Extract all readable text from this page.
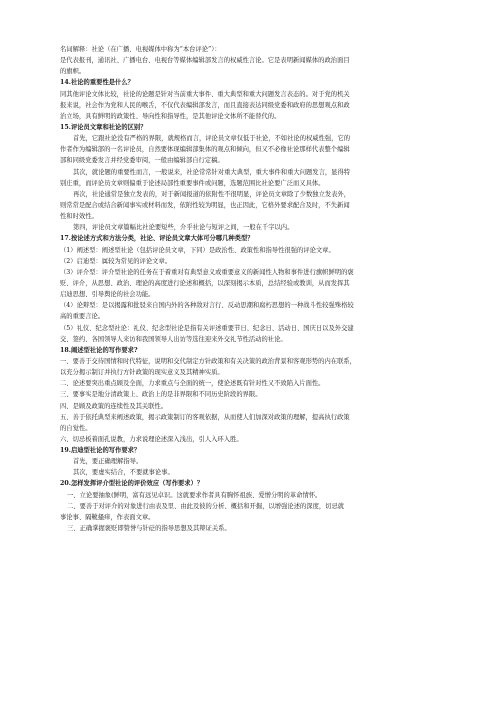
名词解释：社论（在广播、电视媒体中称为“本台评论”）：
是代表报刊，通讯社、广播电台、电视台等媒体编辑部发言的权威性言论。它是表明新闻媒体的政治面目
的旗帜。
14.社论的重要性是什么？
同其他评论文体比较，社论的论题是针对当前重大事件、重大典型和重大问题发言表态的。对于党的机关
报来说，社会作为党和人民的喉舌，不仅代表编辑部发言，而且直接表达同级党委和政府的思想观点和政
治立场，具有鲜明的政策性、导向性和指导性，是其他评论文体所不能替代的。
15.评论员文章和社论的区别？
首先，它跟社论没有严格的界限，就规格而言，评论员文章仅低于社论，不如社论的权威性强，它的
作者作为编辑部的一名评论员，自然要体现编辑部集体的观点和倾向，但又不必像社论那样代表整个编辑
部和同级党委发言并经党委审阅，一般由编辑部自行定稿。
其次，就论题的重要性而言，一般说来，社论常常针对重大典型，重大事件和重大问题发言，显得特
别庄重，而评论员文章则偏重于论述局部性重要事件或问题，选题范围比社论要广泛而又具体。
再次，社论通常是独立发表的，对于新闻报道的依附性不很明显，评论员文章除了少数独立发表外，
则常常是配合或结合新闻事实或材料而发，依附性较为明显，也正因此，它格外要求配合及时，不失新闻
性和时效性。
第四，评论员文章篇幅比社论要短些，介乎社论与短评之间，一般在千字以内。
17.按论述方式和方法分类，社论、评论员文章大体可分哪几种类型？
（1）阐述型：阐述型社论（包括评论员文章，下同）是政治性、政策性和指导性很强的评论文章。
（2）启迪型：属较为常见的评论文章。
（3）评介型：评介型社论的任务在于着重对有典型意义或重要意义的新闻性人物和事件进行旗帜鲜明的褒
贬、评介，从思想、政治、理论的高度进行论述和概括，以深刻揭示本质，总结经验或教训，从而发挥其
启迪思想、引导舆论的社会功能。
（4）论辩型：是以揭露和批驳来自国内外的各种敌对言行、反动思潮和腐朽思想的一种战斗性较强殊格较
高的重要言论。
（5）礼仪、纪念型社论：礼仪、纪念型社论是指有关评述重要节日、纪念日、活动日、国庆日以及外交建
交、签约、各国领导人来访和我国领导人出访等选往迎来外交礼节性活动的社论。
18.阐述型社论的写作要求?
一、要善于交待国情和时代特征，说明和交代制定方针政策和有关决策的政治背景和客观形势的内在联系，
以充分揭示制订并执行方针政策的现实意义及其精神实质。
二、论述要突出重点顾及全面，力求重点与全面的统一，使论述既有针对性又不致陷入片面性。
三、要事实是地分清政策上、政治上的是非界限和不同历史阶段的界限。
四、是顾及政策的连续性及其关联性。
五、善于依托典型来阐述政策，揭示政策制订的客观依据，从而使人们加深对政策的理解，提高执行政策
的自觉性。
六、切忌板着面孔说教，力求说理论述深入浅出，引人入环入胜。
19.启迪型社论的写作要求？
首先，要正确理解指导。
其次，要虚实结合，不要就事论事。
20.怎样发挥评介型社论的评价效应（写作要求）？
一、立论要抽象(鲜明，富有远见卓识。这就要求作者具有胸怀祖族、爱憎分明的革命情怀。
二、要善于对评介的对象进行由表及里、由此及彼的分析、概括和开掘，以增强论述的深度，切忌就
事论事、隔靴搔痒，作表面文章。
三、正确掌握褒贬即赞誉与针砭的指导思想及其辩证关系。
